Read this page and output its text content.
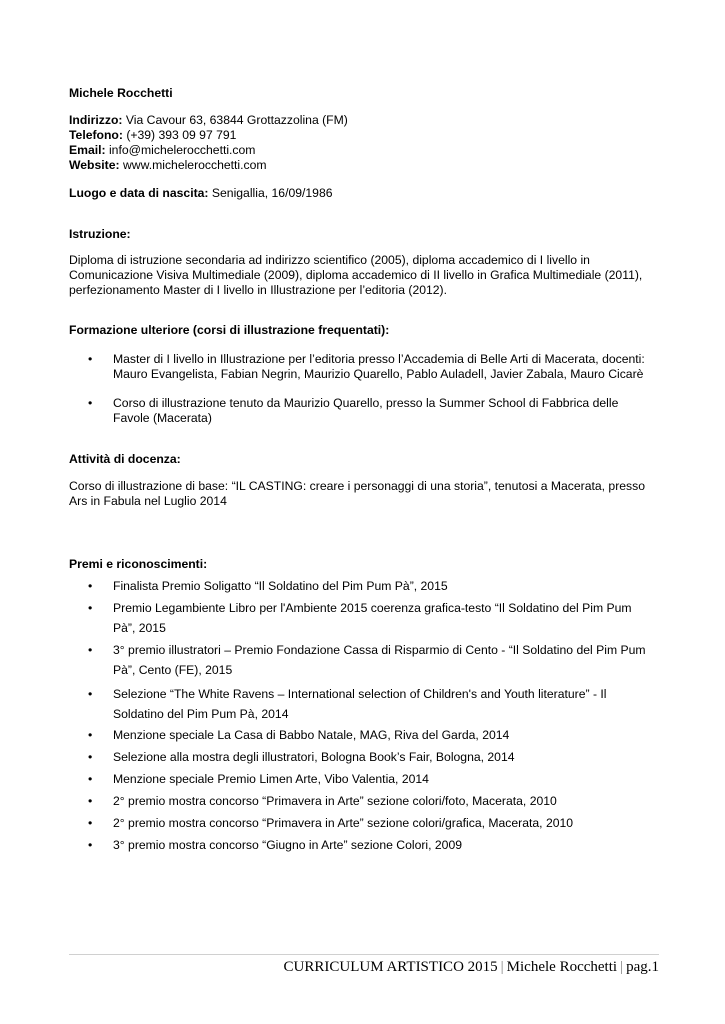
Michele Rocchetti
Indirizzo: Via Cavour 63, 63844 Grottazzolina (FM)
Telefono: (+39) 393 09 97 791
Email: info@michelerocchetti.com
Website: www.michelerocchetti.com
Luogo e data di nascita: Senigallia, 16/09/1986
Istruzione:
Diploma di istruzione secondaria ad indirizzo scientifico (2005), diploma accademico di I livello in
Comunicazione Visiva Multimediale (2009), diploma accademico di II livello in Grafica Multimediale (2011),
perfezionamento Master di I livello in Illustrazione per l’editoria (2012).
Formazione ulteriore (corsi di illustrazione frequentati):
•	Master di I livello in Illustrazione per l’editoria presso l’Accademia di Belle Arti di Macerata, docenti:
Mauro Evangelista, Fabian Negrin, Maurizio Quarello, Pablo Auladell, Javier Zabala, Mauro Cicarè
•	Corso di illustrazione tenuto da Maurizio Quarello, presso la Summer School di Fabbrica delle
Favole (Macerata)
Attività di docenza:
Corso di illustrazione di base: “IL CASTING: creare i personaggi di una storia”, tenutosi a Macerata, presso
Ars in Fabula nel Luglio 2014
Premi e riconoscimenti:
•	Finalista Premio Soligatto “Il Soldatino del Pim Pum Pà”, 2015
•	Premio Legambiente Libro per l'Ambiente 2015 coerenza grafica-testo “Il Soldatino del Pim Pum
Pà”, 2015
•	3° premio illustratori – Premio Fondazione Cassa di Risparmio di Cento - “Il Soldatino del Pim Pum
Pà”, Cento (FE), 2015
•	Selezione “The White Ravens – International selection of Children's and Youth literature” - Il
Soldatino del Pim Pum Pà, 2014
•	Menzione speciale La Casa di Babbo Natale, MAG, Riva del Garda, 2014
•	Selezione alla mostra degli illustratori, Bologna Book’s Fair, Bologna, 2014
•	Menzione speciale Premio Limen Arte, Vibo Valentia, 2014
•	2° premio mostra concorso “Primavera in Arte” sezione colori/foto, Macerata, 2010
•	2° premio mostra concorso “Primavera in Arte” sezione colori/grafica, Macerata, 2010
•	3° premio mostra concorso “Giugno in Arte” sezione Colori, 2009
CURRICULUM ARTISTICO 2015 | Michele Rocchetti | pag.1
